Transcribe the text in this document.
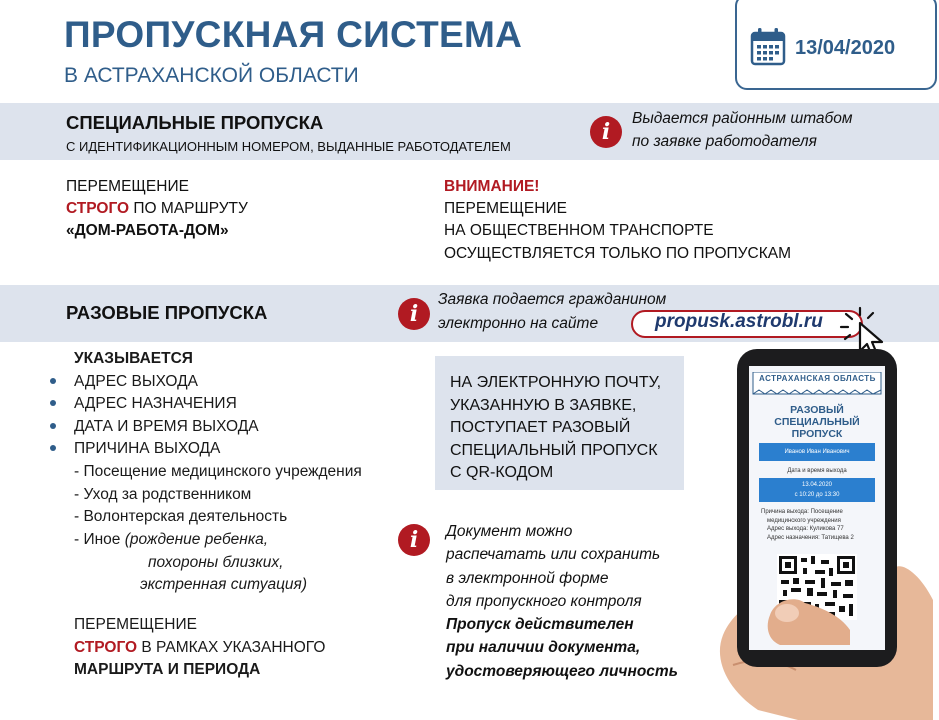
ПРОПУСКНАЯ СИСТЕМА
В АСТРАХАНСКОЙ ОБЛАСТИ
13/04/2020
СПЕЦИАЛЬНЫЕ ПРОПУСКА
С ИДЕНТИФИКАЦИОННЫМ НОМЕРОМ, ВЫДАННЫЕ РАБОТОДАТЕЛЕМ
i
Выдается районным штабом
по заявке работодателя
ПЕРЕМЕЩЕНИЕ
СТРОГО ПО МАРШРУТУ
«ДОМ-РАБОТА-ДОМ»
ВНИМАНИЕ!
ПЕРЕМЕЩЕНИЕ
НА ОБЩЕСТВЕННОМ ТРАНСПОРТЕ
ОСУЩЕСТВЛЯЕТСЯ ТОЛЬКО ПО ПРОПУСКАМ
РАЗОВЫЕ ПРОПУСКА	i
Заявка подается гражданином
электронно на сайте	propusk.astrobl.ru
УКАЗЫВАЕТСЯ
АДРЕС ВЫХОДА
АДРЕС НАЗНАЧЕНИЯ
ДАТА И ВРЕМЯ ВЫХОДА
ПРИЧИНА ВЫХОДА
- Посещение медицинского учреждения
- Уход за родственником
- Волонтерская деятельность
- Иное (рождение ребенка,
похороны близких,
экстренная ситуация)
ПЕРЕМЕЩЕНИЕ
СТРОГО В РАМКАХ УКАЗАННОГО
МАРШРУТА И ПЕРИОДА
НА ЭЛЕКТРОННУЮ ПОЧТУ,
УКАЗАННУЮ В ЗАЯВКЕ,
ПОСТУПАЕТ РАЗОВЫЙ
СПЕЦИАЛЬНЫЙ ПРОПУСК
С QR-КОДОМ
i	Документ можно
распечатать или сохранить
в электронной форме
для пропускного контроля
Пропуск действителен
при наличии документа,
удостоверяющего личность
АСТРАХАНСКАЯ ОБЛАСТЬ
РАЗОВЫЙ
СПЕЦИАЛЬНЫЙ
ПРОПУСК
Иванов Иван Иванович
Дата и время выхода
13.04.2020
с 10:20 до 13:30
Причина выхода: Посещение
медицинского учреждения
Адрес выхода: Куликова 77
Адрес назначения: Татищева 2
